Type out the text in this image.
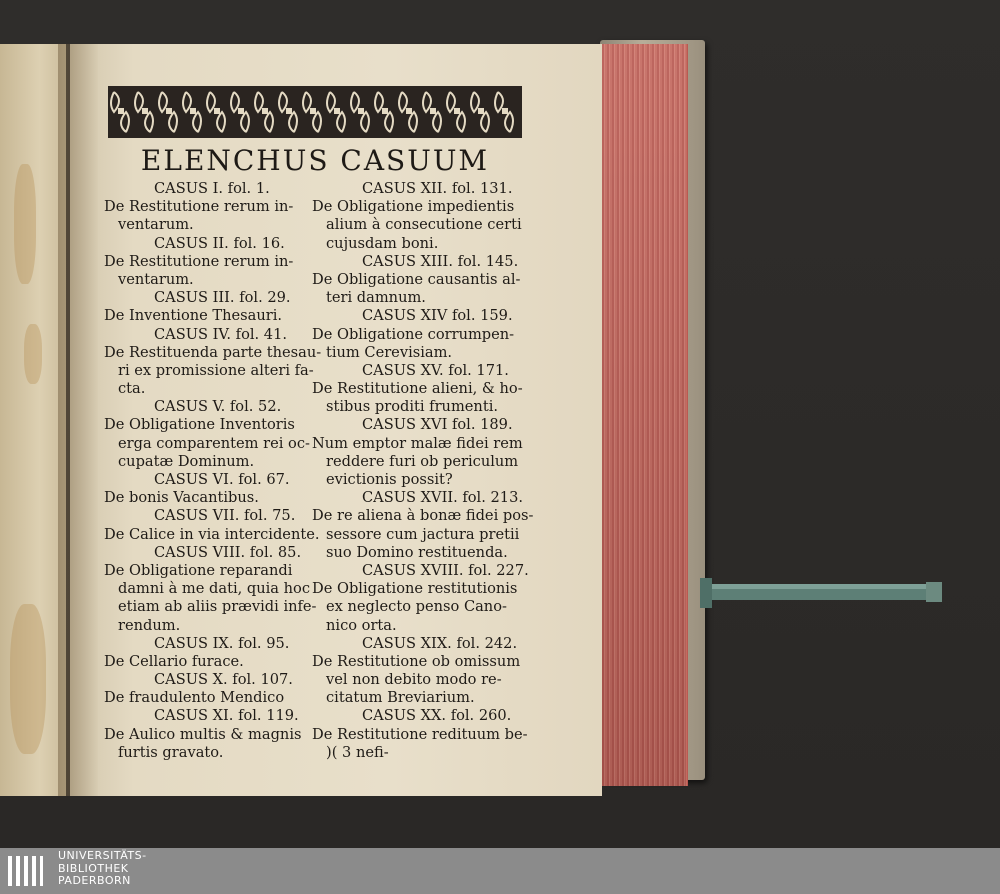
ELENCHUS CASUUM
CASUS I. fol. 1.
De Restitutione rerum in-
ventarum.
CASUS II. fol. 16.
De Restitutione rerum in-
ventarum.
CASUS III. fol. 29.
De Inventione Thesauri.
CASUS IV. fol. 41.
De Restituenda parte thesau-
ri ex promissione alteri fa-
cta.
CASUS V. fol. 52.
De Obligatione Inventoris
erga comparentem rei oc-
cupatæ Dominum.
CASUS VI. fol. 67.
De bonis Vacantibus.
CASUS VII. fol. 75.
De Calice in via intercidente.
CASUS VIII. fol. 85.
De Obligatione reparandi
damni à me dati, quia hoc
etiam ab aliis prævidi infe-
rendum.
CASUS IX. fol. 95.
De Cellario furace.
CASUS X. fol. 107.
De fraudulento Mendico
CASUS XI. fol. 119.
De Aulico multis & magnis
furtis gravato.
CASUS XII. fol. 131.
De Obligatione impedientis
alium à consecutione certi
cujusdam boni.
CASUS XIII. fol. 145.
De Obligatione causantis al-
teri damnum.
CASUS XIV fol. 159.
De Obligatione corrumpen-
tium Cerevisiam.
CASUS XV. fol. 171.
De Restitutione alieni, & ho-
stibus proditi frumenti.
CASUS XVI fol. 189.
Num emptor malæ fidei rem
reddere furi ob periculum
evictionis possit?
CASUS XVII. fol. 213.
De re aliena à bonæ fidei pos-
sessore cum jactura pretii
suo Domino restituenda.
CASUS XVIII. fol. 227.
De Obligatione restitutionis
ex neglecto penso Cano-
nico orta.
CASUS XIX. fol. 242.
De Restitutione ob omissum
vel non debito modo re-
citatum Breviarium.
CASUS XX. fol. 260.
De Restitutione redituum be-
)( 3 nefi-
UNIVERSITÄTS-
BIBLIOTHEK
PADERBORN
